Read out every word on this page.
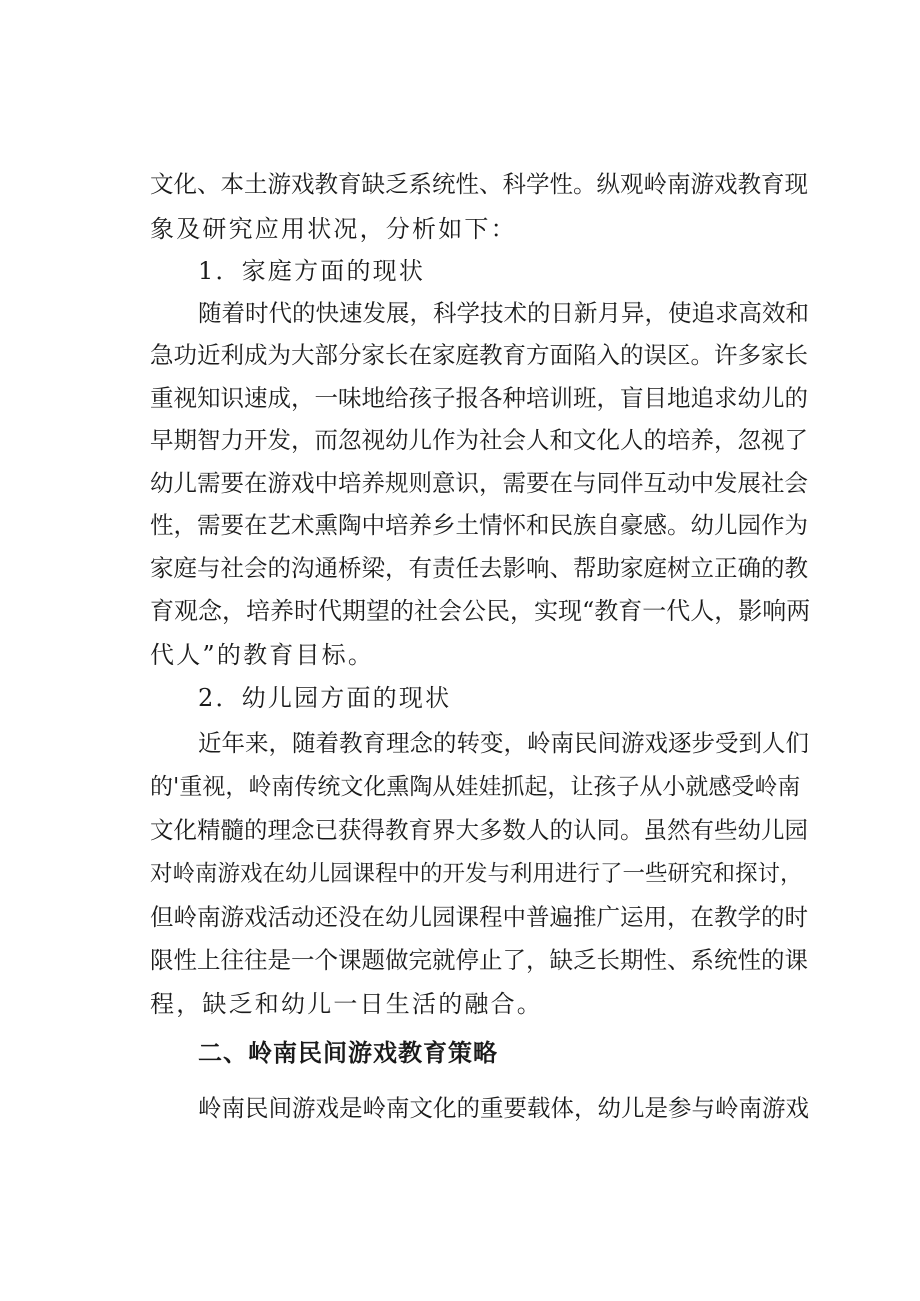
文化、本土游戏教育缺乏系统性、科学性。纵观岭南游戏教育现
象及研究应用状况，分析如下：
1．家庭方面的现状
随着时代的快速发展，科学技术的日新月异，使追求高效和
急功近利成为大部分家长在家庭教育方面陷入的误区。许多家长
重视知识速成，一味地给孩子报各种培训班，盲目地追求幼儿的
早期智力开发，而忽视幼儿作为社会人和文化人的培养，忽视了
幼儿需要在游戏中培养规则意识，需要在与同伴互动中发展社会
性，需要在艺术熏陶中培养乡土情怀和民族自豪感。幼儿园作为
家庭与社会的沟通桥梁，有责任去影响、帮助家庭树立正确的教
育观念，培养时代期望的社会公民，实现“教育一代人，影响两
代人”的教育目标。
2．幼儿园方面的现状
近年来，随着教育理念的转变，岭南民间游戏逐步受到人们
的'重视，岭南传统文化熏陶从娃娃抓起，让孩子从小就感受岭南
文化精髓的理念已获得教育界大多数人的认同。虽然有些幼儿园
对岭南游戏在幼儿园课程中的开发与利用进行了一些研究和探讨，
但岭南游戏活动还没在幼儿园课程中普遍推广运用，在教学的时
限性上往往是一个课题做完就停止了，缺乏长期性、系统性的课
程，缺乏和幼儿一日生活的融合。
二、岭南民间游戏教育策略
岭南民间游戏是岭南文化的重要载体，幼儿是参与岭南游戏
